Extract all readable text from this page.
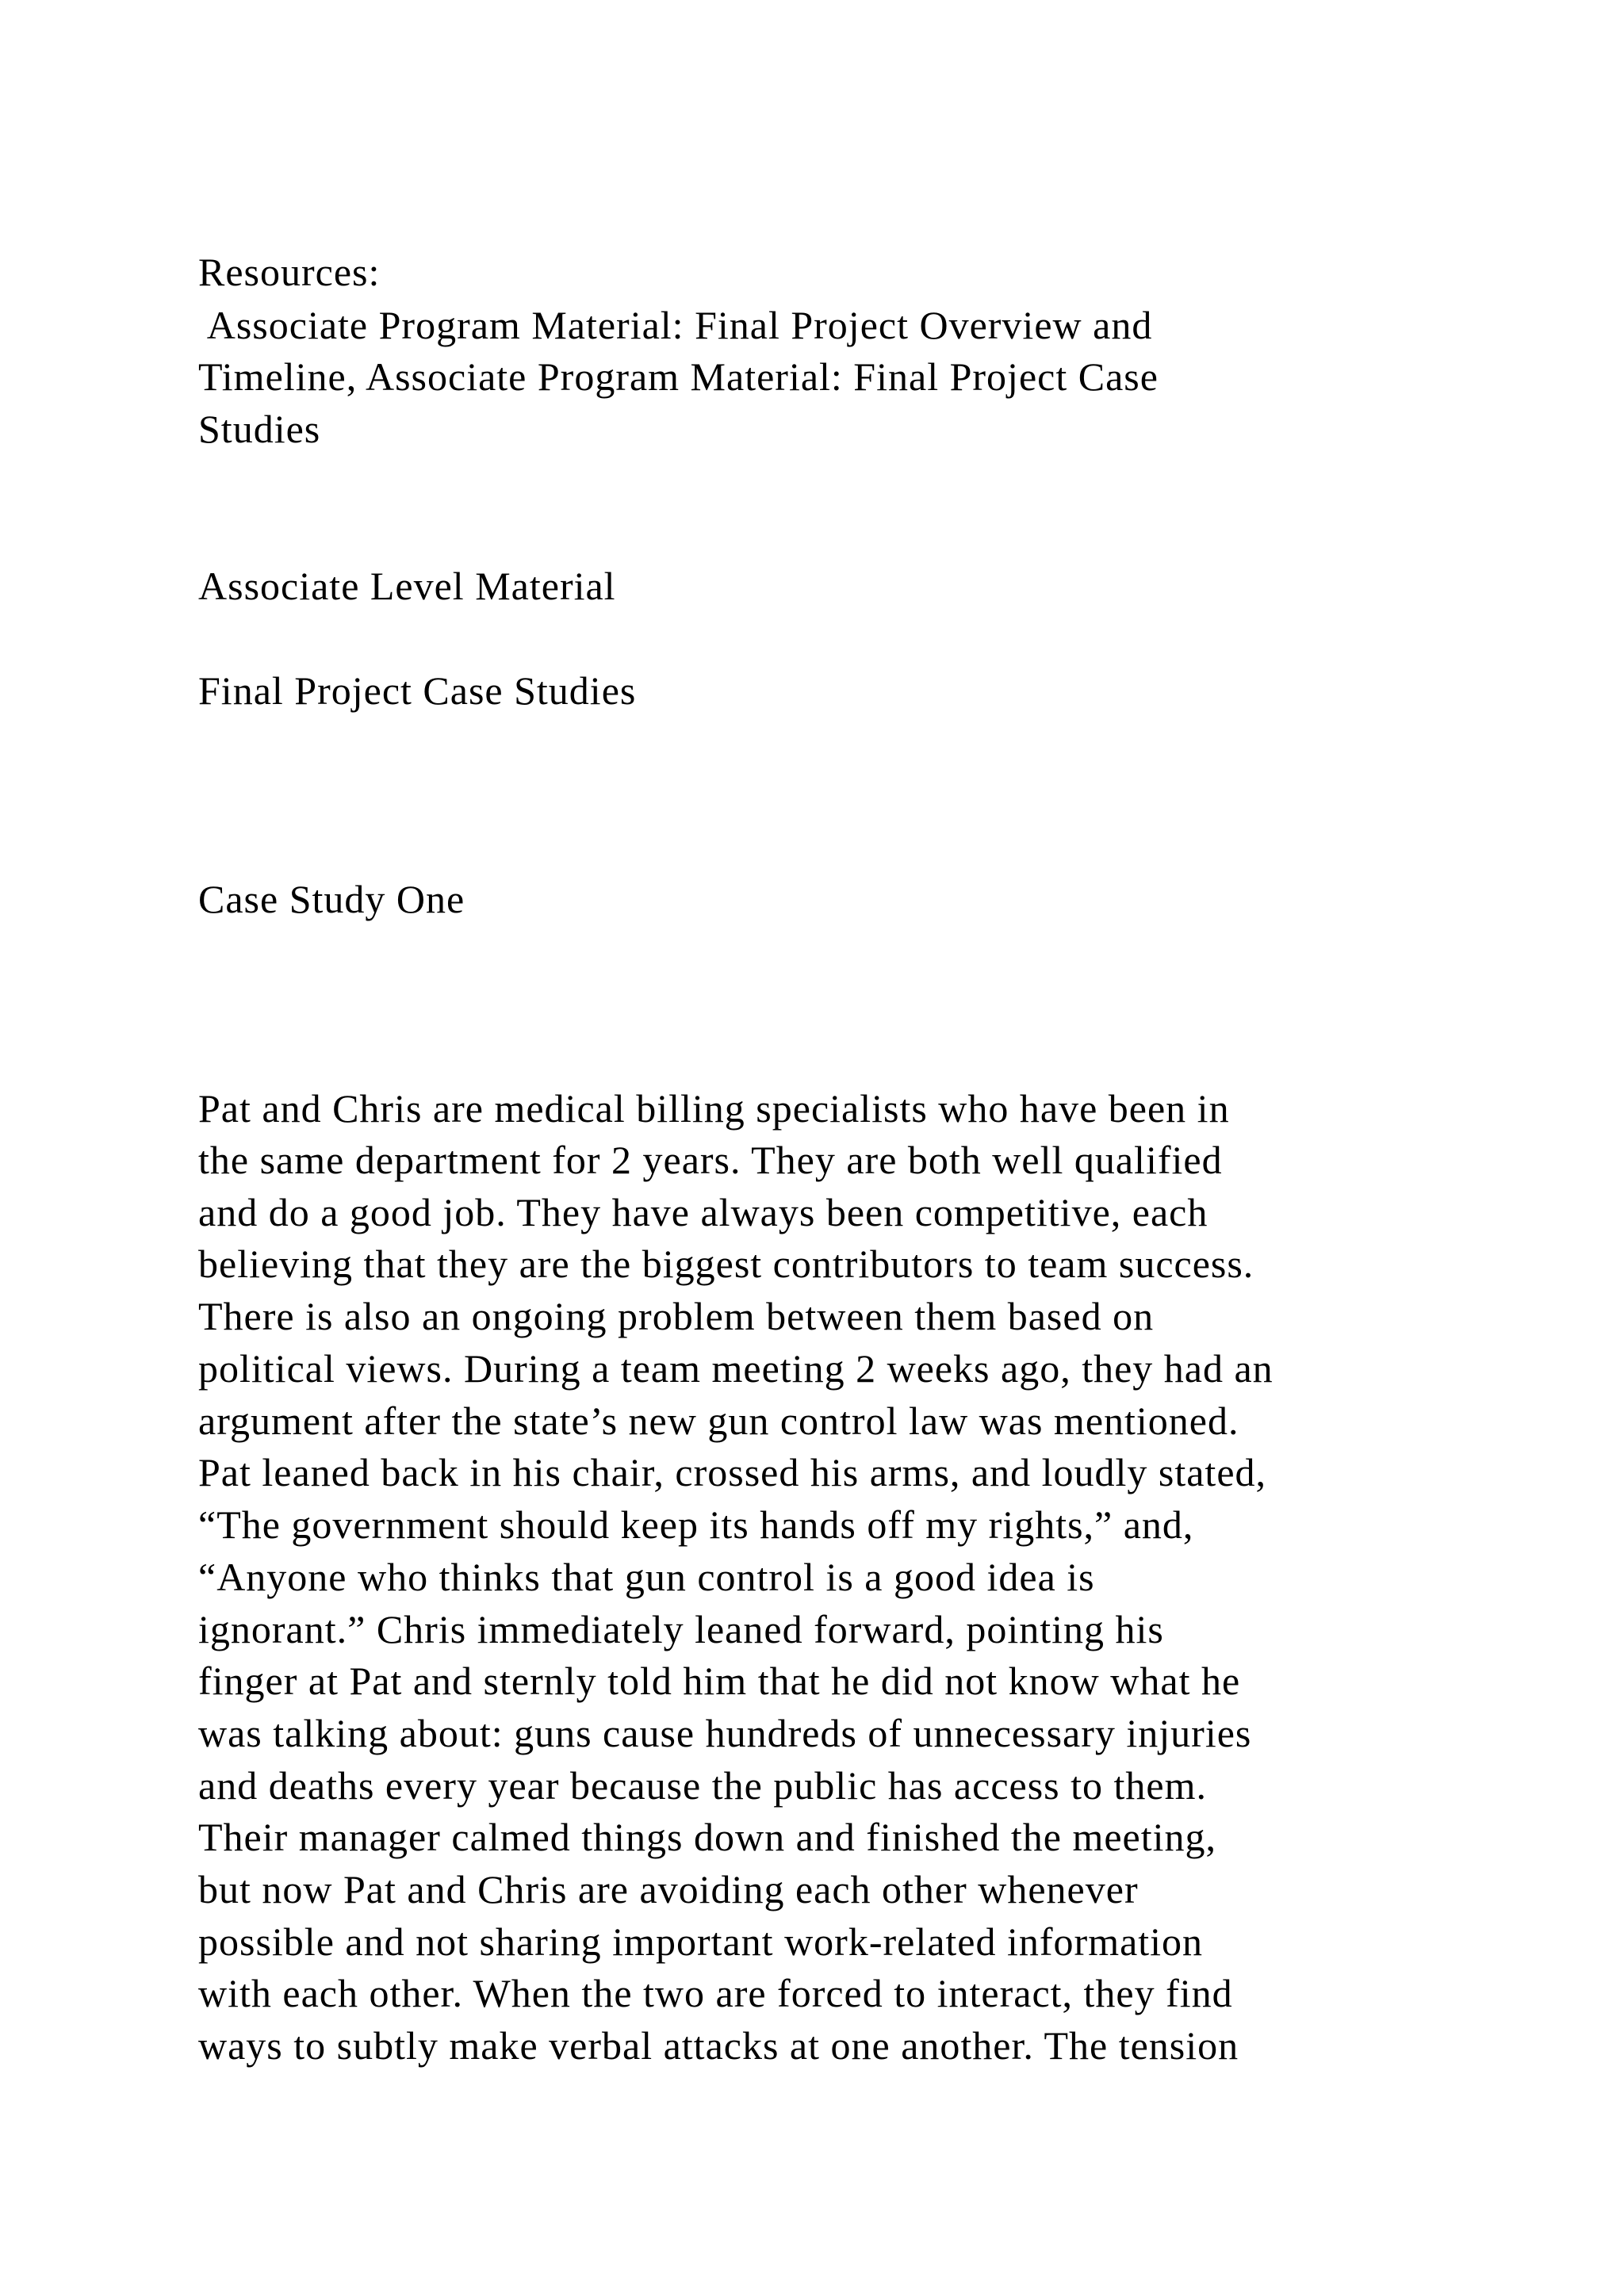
Resources:
Associate Program Material: Final Project Overview and
Timeline, Associate Program Material: Final Project Case
Studies
Associate Level Material
Final Project Case Studies
Case Study One
Pat and Chris are medical billing specialists who have been in
the same department for 2 years. They are both well qualified
and do a good job. They have always been competitive, each
believing that they are the biggest contributors to team success.
There is also an ongoing problem between them based on
political views. During a team meeting 2 weeks ago, they had an
argument after the state’s new gun control law was mentioned.
Pat leaned back in his chair, crossed his arms, and loudly stated,
“The government should keep its hands off my rights,” and,
“Anyone who thinks that gun control is a good idea is
ignorant.” Chris immediately leaned forward, pointing his
finger at Pat and sternly told him that he did not know what he
was talking about: guns cause hundreds of unnecessary injuries
and deaths every year because the public has access to them.
Their manager calmed things down and finished the meeting,
but now Pat and Chris are avoiding each other whenever
possible and not sharing important work-related information
with each other. When the two are forced to interact, they find
ways to subtly make verbal attacks at one another. The tension
